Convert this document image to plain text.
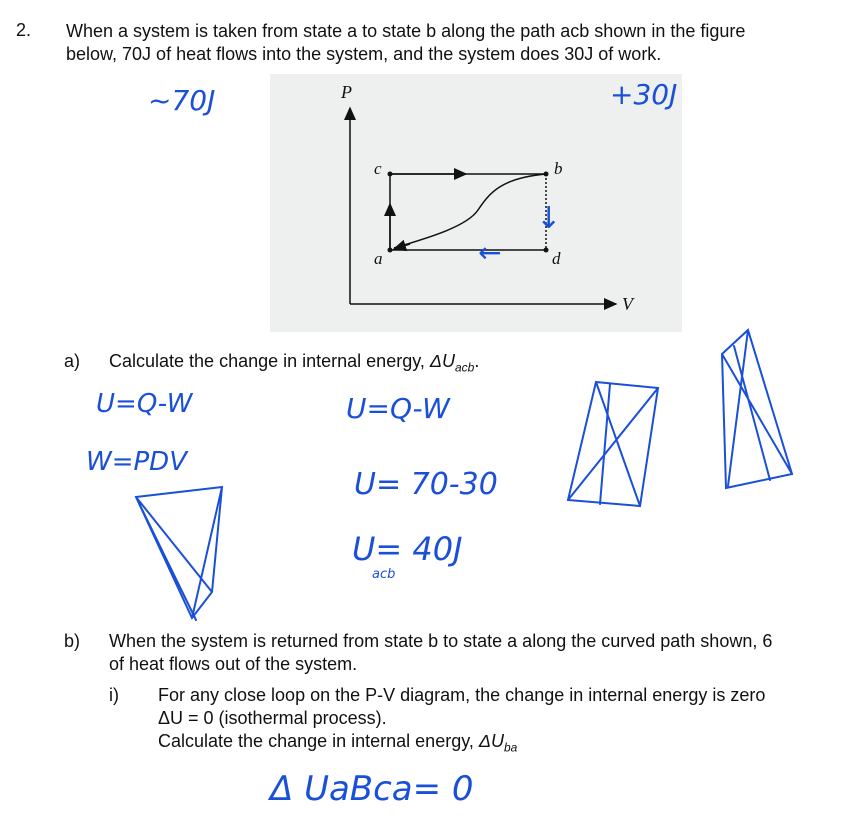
2. When a system is taken from state a to state b along the path acb shown in the figure
below, 70J of heat flows into the system, and the system does 30J of work.
P
V
a
b
c
d
a) Calculate the change in internal energy, $\Delta U_{acb}$.
b) When the system is returned from state b to state a along the curved path shown, 6
of heat flows out of the system.
i) For any close loop on the P-V diagram, the change in internal energy is zero
ΔU = 0 (isothermal process).
Calculate the change in internal energy, $\Delta U_{ba}$
~70J	+30J
U=Q-W
W=PDV
U=Q-W
U= 70-30
U= 40J
acb
Δ UaBca= 0
←
↓
